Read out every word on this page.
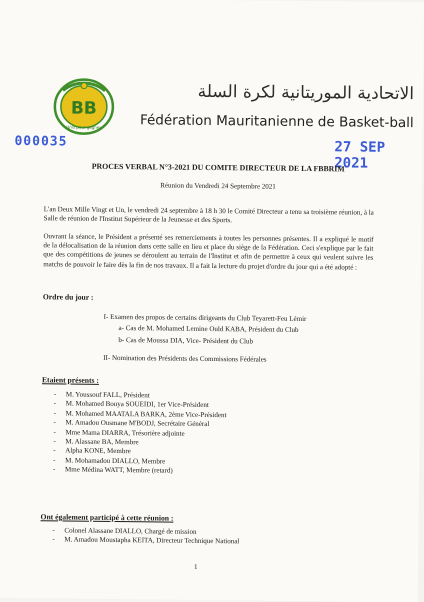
BB
Unis pour gagner
الاتحادية الموريتانية لكرة السلة
Fédération Mauritanienne de Basket-ball
000035	27 SEP 2021
PROCES VERBAL N°3-2021 DU COMITE DIRECTEUR DE LA FBBRIM
Réunion du Vendredi 24 Septembre 2021

L'an Deux Mille Vingt et Un, le vendredi 24 septembre à 18 h 30 le Comité Directeur a tenu sa troisième réunion, à la Salle de réunion de l'Institut Supérieur de la Jeunesse et des Sports.

Ouvrant la séance, le Président a présenté ses remerciements à toutes les personnes présentes. Il a expliqué le motif de la délocalisation de la réunion dans cette salle en lieu et place du siège de la Fédération. Ceci s'explique par le fait que des compétitions de jeunes se déroulent au terrain de l'Institut et afin de permettre à ceux qui veulent suivre les matchs de pouvoir le faire dès la fin de nos travaux. Il a fait la lecture du projet d'ordre du jour qui a été adopté :

Ordre du jour :
I- Examen des propos de certains dirigeants du Club Teyarett-Feu Lémir
a- Cas de M. Mohamed Lemine Ould KABA, Président du Club
b- Cas de Moussa DIA, Vice- Président du Club
II- Nomination des Présidents des Commissions Fédérales
Etaient présents :
- M. Youssouf FALL, Président
- M. Mohamed Bouya SOUEIDI, 1er Vice-Président
- M. Mohamed MAATALA BARKA, 2ème Vice-Président
- M. Amadou Ousmane M'BODJ, Secrétaire Général
- Mme Mama DIARRA, Trésorière adjointe
- M. Alassane BA, Membre
- Alpha KONE, Membre
- M. Mohamadou DIALLO, Membre
- Mme Médina WATT, Membre (retard)
Ont également participé à cette réunion :
- Colonel Alassane DIALLO, Chargé de mission
- M. Amadou Moustapha KEITA, Directeur Technique National
1
